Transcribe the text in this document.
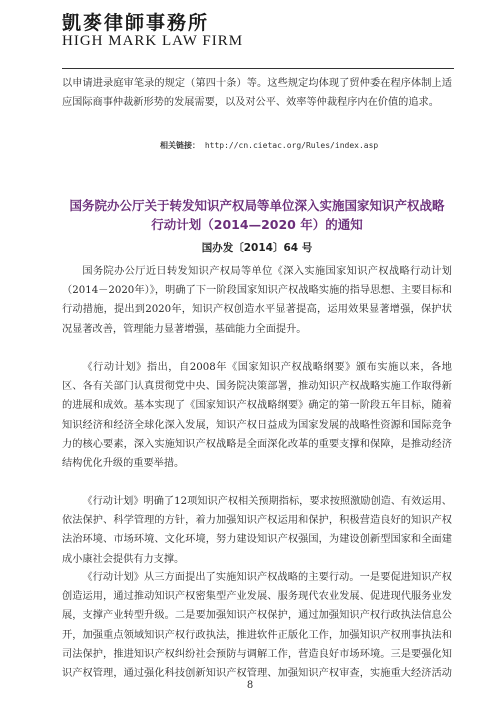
凱麥律師事務所
HIGH MARK LAW FIRM

以申请进录庭审笔录的规定（第四十条）等。这些规定均体现了贸仲委在程序体制上适应国际商事仲裁新形势的发展需要，以及对公平、效率等仲裁程序内在价值的追求。

相关链接： http://cn.cietac.org/Rules/index.asp

国务院办公厅关于转发知识产权局等单位深入实施国家知识产权战略

行动计划（2014—2020 年）的通知

国办发〔2014〕64 号

国务院办公厅近日转发知识产权局等单位《深入实施国家知识产权战略行动计划（2014－2020年）》，明确了下一阶段国家知识产权战略实施的指导思想、主要目标和行动措施，提出到2020年，知识产权创造水平显著提高，运用效果显著增强，保护状况显著改善，管理能力显著增强，基础能力全面提升。

《行动计划》指出，自2008年《国家知识产权战略纲要》颁布实施以来，各地区、各有关部门认真贯彻党中央、国务院决策部署，推动知识产权战略实施工作取得新的进展和成效。基本实现了《国家知识产权战略纲要》确定的第一阶段五年目标，随着知识经济和经济全球化深入发展，知识产权日益成为国家发展的战略性资源和国际竞争力的核心要素，深入实施知识产权战略是全面深化改革的重要支撑和保障，是推动经济结构优化升级的重要举措。

《行动计划》明确了12项知识产权相关预期指标，要求按照激励创造、有效运用、依法保护、科学管理的方针，着力加强知识产权运用和保护，积极营造良好的知识产权法治环境、市场环境、文化环境，努力建设知识产权强国，为建设创新型国家和全面建成小康社会提供有力支撑。

《行动计划》从三方面提出了实施知识产权战略的主要行动。一是要促进知识产权创造运用，通过推动知识产权密集型产业发展、服务现代农业发展、促进现代服务业发展，支撑产业转型升级。二是要加强知识产权保护，通过加强知识产权行政执法信息公开，加强重点领域知识产权行政执法，推进软件正版化工作，加强知识产权刑事执法和司法保护，推进知识产权纠纷社会预防与调解工作，营造良好市场环境。三是要强化知识产权管理，通过强化科技创新知识产权管理、加强知识产权审查，实施重大经济活动

8
